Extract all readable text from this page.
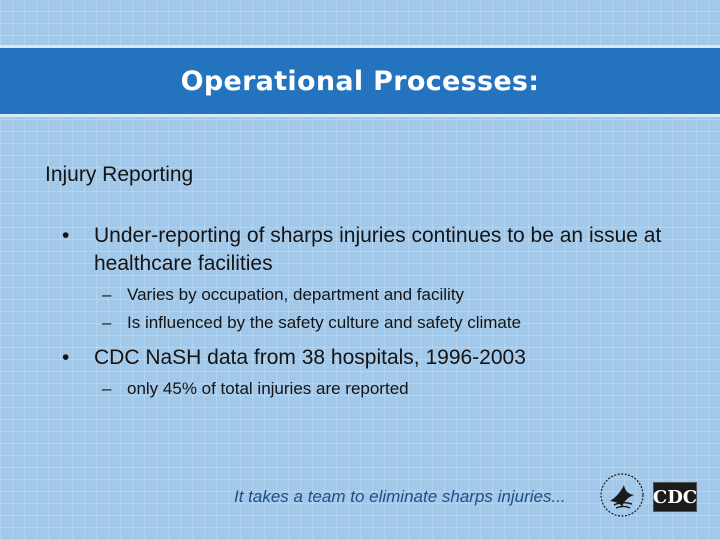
Operational Processes:
Injury Reporting
•	Under-reporting of sharps injuries continues to be an issue at healthcare facilities
– Varies by occupation, department and facility
– Is influenced by the safety culture and safety climate
•	CDC NaSH data from 38 hospitals, 1996-2003
– only 45% of total injuries are reported
It takes a team to eliminate sharps injuries...	CDC
